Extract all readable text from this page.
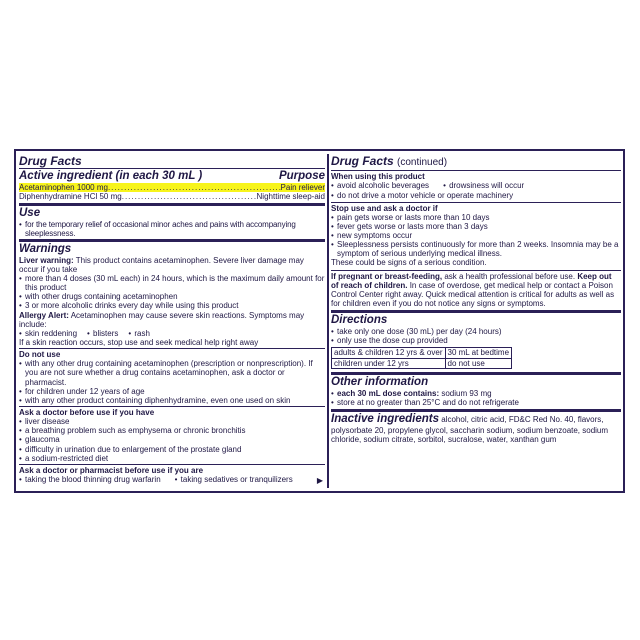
Drug Facts
Active ingredient (in each 30 mL )	Purpose
Acetaminophen 1000 mg .....	Pain reliever
Diphenhydramine HCl 50 mg .....	Nighttime sleep-aid
Use
• for the temporary relief of occasional minor aches and pains with accompanying sleeplessness.
Warnings
Liver warning: This product contains acetaminophen. Severe liver damage may occur if you take
• more than 4 doses (30 mL each) in 24 hours, which is the maximum daily amount for this product
• with other drugs containing acetaminophen
• 3 or more alcoholic drinks every day while using this product
Allergy Alert: Acetaminophen may cause severe skin reactions. Symptoms may include:
• skin reddening	• blisters	• rash
If a skin reaction occurs, stop use and seek medical help right away
Do not use
• with any other drug containing acetaminophen (prescription or nonprescription). If you are not sure whether a drug contains acetaminophen, ask a doctor or pharmacist.
• for children under 12 years of age
• with any other product containing diphenhydramine, even one used on skin
Ask a doctor before use if you have
• liver disease
• a breathing problem such as emphysema or chronic bronchitis
• glaucoma
• difficulty in urination due to enlargement of the prostate gland
• a sodium-restricted diet
Ask a doctor or pharmacist before use if you are
• taking the blood thinning drug warfarin	• taking sedatives or tranquilizers	▶
Drug Facts (continued)
When using this product
• avoid alcoholic beverages	• drowsiness will occur
• do not drive a motor vehicle or operate machinery
Stop use and ask a doctor if
• pain gets worse or lasts more than 10 days
• fever gets worse or lasts more than 3 days
• new symptoms occur
• Sleeplessness persists continuously for more than 2 weeks. Insomnia may be a symptom of serious underlying medical illness.
These could be signs of a serious condition.
If pregnant or breast-feeding, ask a health professional before use. Keep out of reach of children. In case of overdose, get medical help or contact a Poison Control Center right away. Quick medical attention is critical for adults as well as for children even if you do not notice any signs or symptoms.
Directions
• take only one dose (30 mL) per day (24 hours)
• only use the dose cup provided
adults & children 12 yrs & over	30 mL at bedtime
children under 12 yrs	do not use
Other information
• each 30 mL dose contains: sodium 93 mg
• store at no greater than 25°C and do not refrigerate
Inactive ingredients alcohol, citric acid, FD&C Red No. 40, flavors, polysorbate 20, propylene glycol, saccharin sodium, sodium benzoate, sodium chloride, sodium citrate, sorbitol, sucralose, water, xanthan gum
